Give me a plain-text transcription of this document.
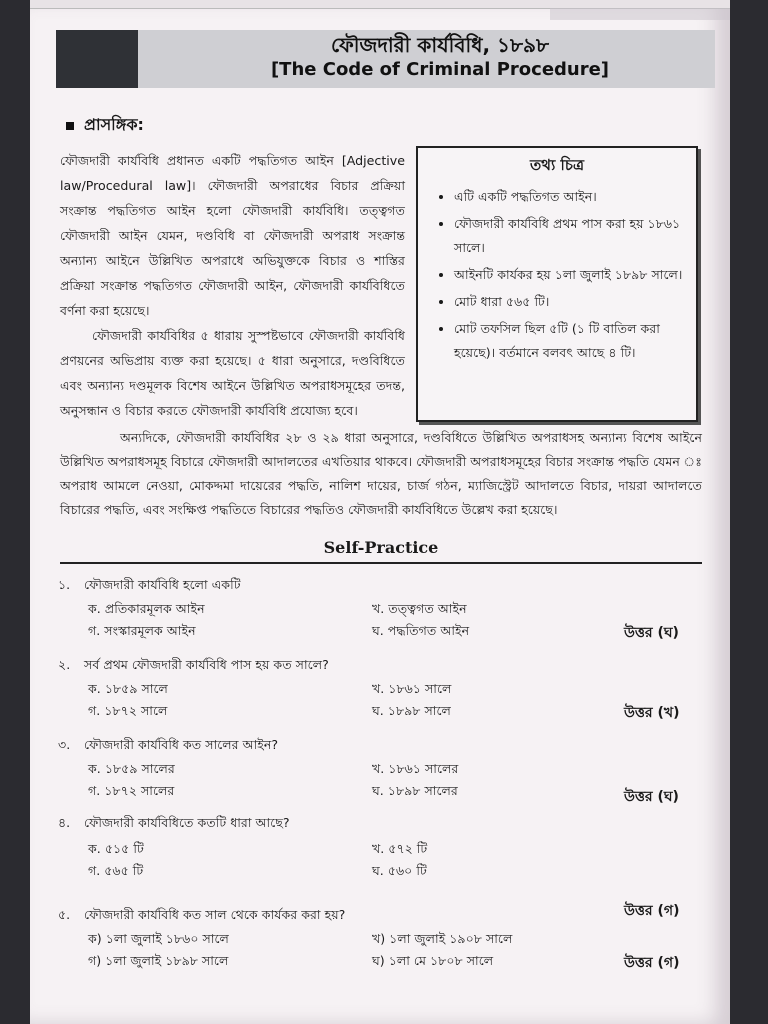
ফৌজদারী কার্যবিধি, ১৮৯৮
[The Code of Criminal Procedure]
প্রাসঙ্গিক:

ফৌজদারী কার্যবিধি প্রধানত একটি পদ্ধতিগত আইন [Adjective law/Procedural law]। ফৌজদারী অপরাধের বিচার প্রক্রিয়া সংক্রান্ত পদ্ধতিগত আইন হলো ফৌজদারী কার্যবিধি। তত্ত্বগত ফৌজদারী আইন যেমন, দণ্ডবিধি বা ফৌজদারী অপরাধ সংক্রান্ত অন্যান্য আইনে উল্লিখিত অপরাধে অভিযুক্তকে বিচার ও শাস্তির প্রক্রিয়া সংক্রান্ত পদ্ধতিগত ফৌজদারী আইন, ফৌজদারী কার্যবিধিতে বর্ণনা করা হয়েছে।

ফৌজদারী কার্যবিধির ৫ ধারায় সুস্পষ্টভাবে ফৌজদারী কার্যবিধি প্রণয়নের অভিপ্রায় ব্যক্ত করা হয়েছে। ৫ ধারা অনুসারে, দণ্ডবিধিতে এবং অন্যান্য দণ্ডমূলক বিশেষ আইনে উল্লিখিত অপরাধসমূহের তদন্ত, অনুসন্ধান ও বিচার করতে ফৌজদারী কার্যবিধি প্রযোজ্য হবে।

তথ্য চিত্র
• এটি একটি পদ্ধতিগত আইন।
• ফৌজদারী কার্যবিধি প্রথম পাস করা হয় ১৮৬১ সালে।
• আইনটি কার্যকর হয় ১লা জুলাই ১৮৯৮ সালে।
• মোট ধারা ৫৬৫ টি।
• মোট তফসিল ছিল ৫টি (১ টি বাতিল করা হয়েছে)। বর্তমানে বলবৎ আছে ৪ টি।

অন্যদিকে, ফৌজদারী কার্যবিধির ২৮ ও ২৯ ধারা অনুসারে, দণ্ডবিধিতে উল্লিখিত অপরাধসহ অন্যান্য বিশেষ আইনে উল্লিখিত অপরাধসমূহ বিচারে ফৌজদারী আদালতের এখতিয়ার থাকবে। ফৌজদারী অপরাধসমূহের বিচার সংক্রান্ত পদ্ধতি যেমন ঃ অপরাধ আমলে নেওয়া, মোকদ্দমা দায়েরের পদ্ধতি, নালিশ দায়ের, চার্জ গঠন, ম্যাজিস্ট্রেট আদালতে বিচার, দায়রা আদালতে বিচারের পদ্ধতি, এবং সংক্ষিপ্ত পদ্ধতিতে বিচারের পদ্ধতিও ফৌজদারী কার্যবিধিতে উল্লেখ করা হয়েছে।

Self-Practice
১. ফৌজদারী কার্যবিধি হলো একটি
ক. প্রতিকারমূলক আইন	খ. তত্ত্বগত আইন
গ. সংস্কারমূলক আইন	ঘ. পদ্ধতিগত আইন	উত্তর (ঘ)
২. সর্ব প্রথম ফৌজদারী কার্যবিধি পাস হয় কত সালে?
ক. ১৮৫৯ সালে	খ. ১৮৬১ সালে
গ. ১৮৭২ সালে	ঘ. ১৮৯৮ সালে	উত্তর (খ)
৩. ফৌজদারী কার্যবিধি কত সালের আইন?
ক. ১৮৫৯ সালের	খ. ১৮৬১ সালের
গ. ১৮৭২ সালের	ঘ. ১৮৯৮ সালের	উত্তর (ঘ)
৪. ফৌজদারী কার্যবিধিতে কতটি ধারা আছে?
ক. ৫১৫ টি	খ. ৫৭২ টি
গ. ৫৬৫ টি	ঘ. ৫৬০ টি
উত্তর (গ)
৫. ফৌজদারী কার্যবিধি কত সাল থেকে কার্যকর করা হয়?
ক) ১লা জুলাই ১৮৬০ সালে	খ) ১লা জুলাই ১৯০৮ সালে
গ) ১লা জুলাই ১৮৯৮ সালে	ঘ) ১লা মে ১৮০৮ সালে	উত্তর (গ)
